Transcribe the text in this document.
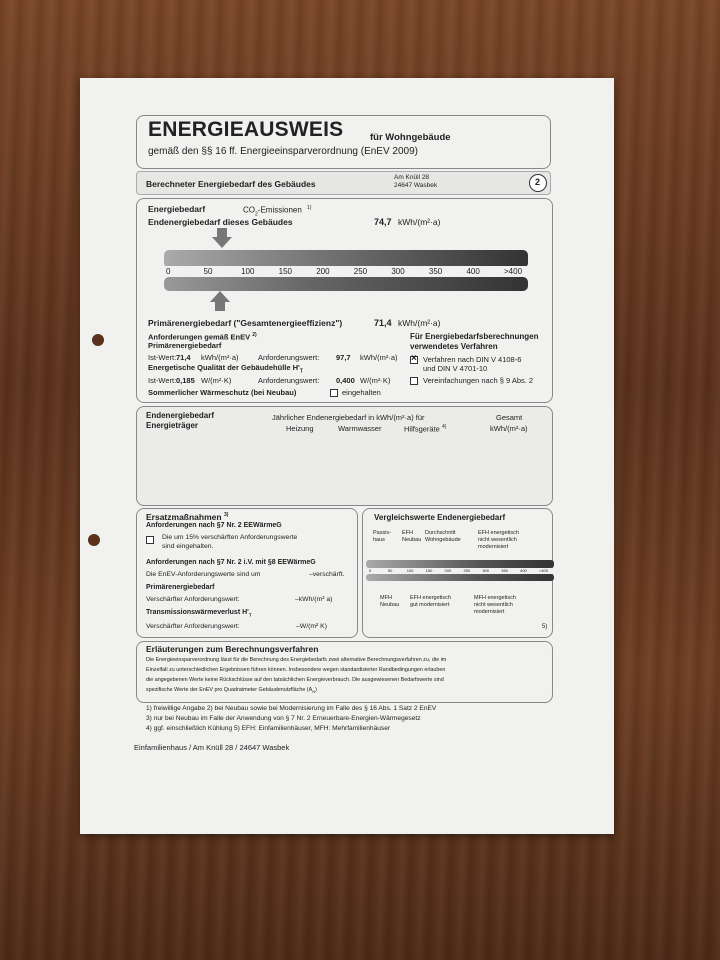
ENERGIEAUSWEIS	für Wohngebäude
gemäß den §§ 16 ff. Energieeinsparverordnung (EnEV 2009)
Berechneter Energiebedarf des Gebäudes
Am Knüll 28
24647 Wasbek	2
Energiebedarf	$CO_2$-Emissionen $^{1)}$
Endenergiebedarf dieses Gebäudes	74,7 kWh/(m²·a)
0	50	100	150	200	250	300	350	400	>400
Primärenergiebedarf ("Gesamtenergieeffizienz")	71,4 kWh/(m²·a)
Anforderungen gemäß EnEV $^{2)}$
Primärenergiebedarf
Ist-Wert: 71,4 kWh/(m²·a)	Anforderungswert: 97,7 kWh/(m²·a)
Energetische Qualität der Gebäudehülle $H'_T$
Ist-Wert: 0,185 W/(m²·K)	Anforderungswert: 0,400 W/(m²·K)
Sommerlicher Wärmeschutz (bei Neubau)	eingehalten
Für Energiebedarfsberechnungen
verwendetes Verfahren
×
Verfahren nach DIN V 4108-6
und DIN V 4701-10
Vereinfachungen nach § 9 Abs. 2
Endenergiebedarf
Energieträger
Jährlicher Endenergiebedarf in kWh/(m²·a) für
Heizung	Warmwasser	Hilfsgeräte $^{4)}$
Gesamt
kWh/(m²·a)
Ersatzmaßnahmen $^{3)}$
Anforderungen nach §7 Nr. 2 EEWärmeG
Die um 15% verschärften Anforderungswerte
sind eingehalten.
Anforderungen nach §7 Nr. 2 i.V. mit §8 EEWärmeG
Die EnEV-Anforderungswerte sind um	–verschärft.
Primärenergiebedarf
Verschärfter Anforderungswert:	–kWh/(m² a)
Transmissionswärmeverlust $H'_T$
Verschärfter Anforderungswert:	–W/(m² K)
Vergleichswerte Endenergiebedarf
0	50	100	150	200	250	300	350	400	>400
5)
Erläuterungen zum Berechnungsverfahren
Die Energieeinsparverordnung lässt für die Berechnung des Energiebedarfs zwei alternative Berechnungsverfahren zu, die im
Einzelfall zu unterschiedlichen Ergebnissen führen können. Insbesondere wegen standardisierter Randbedingungen erlauben
die angegebenen Werte keine Rückschlüsse auf den tatsächlichen Energieverbrauch. Die ausgewiesenen Bedarfswerte sind
spezifische Werte der EnEV pro Quadratmeter Gebäudenutzfläche $(A_N)$
1) freiwillige Angabe 2) bei Neubau sowie bei Modernisierung im Falle des § 16 Abs. 1 Satz 2 EnEV
3) nur bei Neubau im Falle der Anwendung von § 7 Nr. 2 Erneuerbare-Energien-Wärmegesetz
4) ggf. einschließlich Kühlung 5) EFH: Einfamilienhäuser, MFH: Mehrfamilienhäuser
Einfamilienhaus / Am Knüll 28 / 24647 Wasbek
Passiv-
haus
EFH
Neubau
Durchschnitt
Wohngebäude
EFH energetisch
nicht wesentlich
modernisiert
MFH
Neubau
EFH energetisch
gut modernisiert
MFH energetisch
nicht wesentlich
modernisiert
